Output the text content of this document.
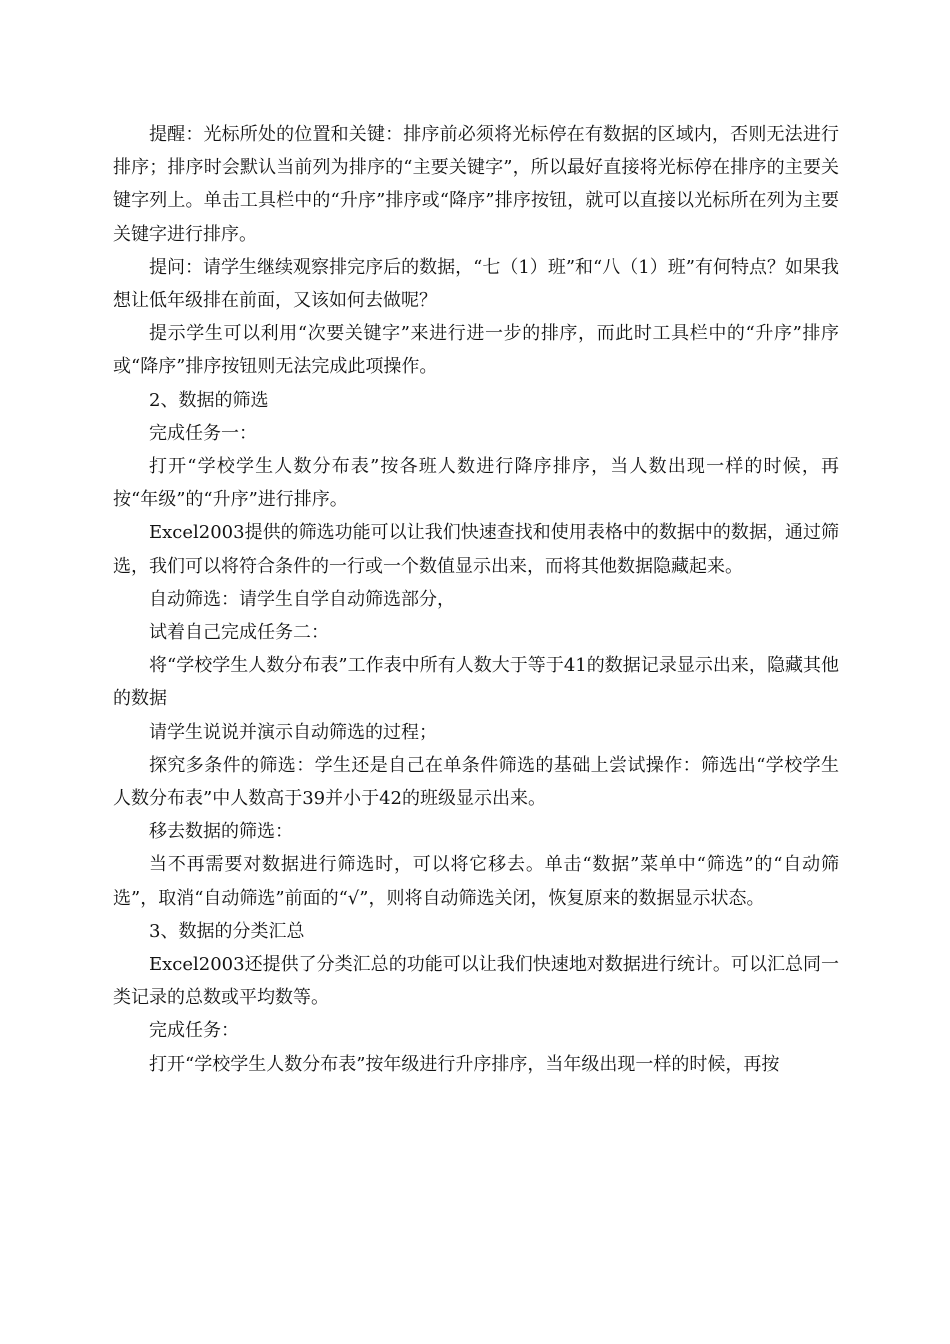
提醒：光标所处的位置和关键：排序前必须将光标停在有数据的区域内，否则无法进行排序；排序时会默认当前列为排序的“主要关键字”，所以最好直接将光标停在排序的主要关键字列上。单击工具栏中的“升序”排序或“降序”排序按钮，就可以直接以光标所在列为主要关键字进行排序。

提问：请学生继续观察排完序后的数据，“七（1）班”和“八（1）班”有何特点？如果我想让低年级排在前面，又该如何去做呢？

提示学生可以利用“次要关键字”来进行进一步的排序，而此时工具栏中的“升序”排序或“降序”排序按钮则无法完成此项操作。

2、数据的筛选

完成任务一：

打开“学校学生人数分布表”按各班人数进行降序排序，当人数出现一样的时候，再按“年级”的“升序”进行排序。

Excel2003提供的筛选功能可以让我们快速查找和使用表格中的数据中的数据，通过筛选，我们可以将符合条件的一行或一个数值显示出来，而将其他数据隐藏起来。

自动筛选：请学生自学自动筛选部分，

试着自己完成任务二：

将“学校学生人数分布表”工作表中所有人数大于等于41的数据记录显示出来，隐藏其他的数据

请学生说说并演示自动筛选的过程；

探究多条件的筛选：学生还是自己在单条件筛选的基础上尝试操作：筛选出“学校学生人数分布表”中人数高于39并小于42的班级显示出来。

移去数据的筛选：

当不再需要对数据进行筛选时，可以将它移去。单击“数据”菜单中“筛选”的“自动筛选”，取消“自动筛选”前面的“√”，则将自动筛选关闭，恢复原来的数据显示状态。

3、数据的分类汇总

Excel2003还提供了分类汇总的功能可以让我们快速地对数据进行统计。可以汇总同一类记录的总数或平均数等。

完成任务：

打开“学校学生人数分布表”按年级进行升序排序，当年级出现一样的时候，再按
